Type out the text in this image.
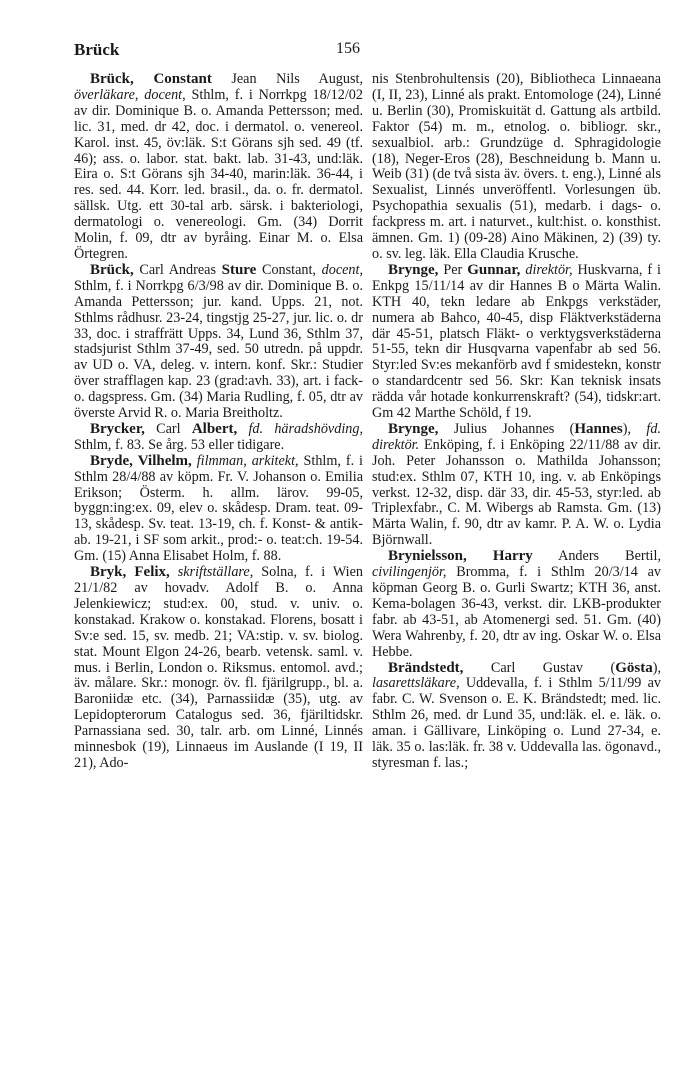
Brück	156

Brück, Constant Jean Nils August, överläkare, docent, Sthlm, f. i Norrkpg 18/12/02 av dir. Dominique B. o. Amanda Pettersson; med. lic. 31, med. dr 42, doc. i dermatol. o. venereol. Karol. inst. 45, öv:läk. S:t Görans sjh sed. 49 (tf. 46); ass. o. labor. stat. bakt. lab. 31-43, und:läk. Eira o. S:t Görans sjh 34-40, marin:läk. 36-44, i res. sed. 44. Korr. led. brasil., da. o. fr. dermatol. sällsk. Utg. ett 30-tal arb. särsk. i bakteriologi, dermatologi o. venereologi. Gm. (34) Dorrit Molin, f. 09, dtr av byråing. Einar M. o. Elsa Örtegren.

Brück, Carl Andreas Sture Constant, docent, Sthlm, f. i Norrkpg 6/3/98 av dir. Dominique B. o. Amanda Pettersson; jur. kand. Upps. 21, not. Sthlms rådhusr. 23-24, tingstjg 25-27, jur. lic. o. dr 33, doc. i straffrätt Upps. 34, Lund 36, Sthlm 37, stadsjurist Sthlm 37-49, sed. 50 utredn. på uppdr. av UD o. VA, deleg. v. intern. konf. Skr.: Studier över strafflagen kap. 23 (grad:avh. 33), art. i fack- o. dagspress. Gm. (34) Maria Rudling, f. 05, dtr av överste Arvid R. o. Maria Breitholtz.

Brycker, Carl Albert, fd. häradshövding, Sthlm, f. 83. Se årg. 53 eller tidigare.

Bryde, Vilhelm, filmman, arkitekt, Sthlm, f. i Sthlm 28/4/88 av köpm. Fr. V. Johanson o. Emilia Erikson; Österm. h. allm. lärov. 99-05, byggn:ing:ex. 09, elev o. skådesp. Dram. teat. 09-13, skådesp. Sv. teat. 13-19, ch. f. Konst- & antik-ab. 19-21, i SF som arkit., prod:- o. teat:ch. 19-54. Gm. (15) Anna Elisabet Holm, f. 88.

Bryk, Felix, skriftställare, Solna, f. i Wien 21/1/82 av hovadv. Adolf B. o. Anna Jelenkiewicz; stud:ex. 00, stud. v. univ. o. konstakad. Krakow o. konstakad. Florens, bosatt i Sv:e sed. 15, sv. medb. 21; VA:stip. v. sv. biolog. stat. Mount Elgon 24-26, bearb. vetensk. saml. v. mus. i Berlin, London o. Riksmus. entomol. avd.; äv. målare. Skr.: monogr. öv. fl. fjärilgrupp., bl. a. Baroniidæ etc. (34), Parnassiidæ (35), utg. av Lepidopterorum Catalogus sed. 36, fjäriltidskr. Parnassiana sed. 30, talr. arb. om Linné, Linnés minnesbok (19), Linnaeus im Auslande (I 19, II 21), Ado-

nis Stenbrohultensis (20), Bibliotheca Linnaeana (I, II, 23), Linné als prakt. Entomologe (24), Linné u. Berlin (30), Promiskuität d. Gattung als artbild. Faktor (54) m. m., etnolog. o. bibliogr. skr., sexualbiol. arb.: Grundzüge d. Sphragidologie (18), Neger-Eros (28), Beschneidung b. Mann u. Weib (31) (de två sista äv. övers. t. eng.), Linné als Sexualist, Linnés unveröffentl. Vorlesungen üb. Psychopathia sexualis (51), medarb. i dags- o. fackpress m. art. i naturvet., kult:hist. o. konsthist. ämnen. Gm. 1) (09-28) Aino Mäkinen, 2) (39) ty. o. sv. leg. läk. Ella Claudia Krusche.

Brynge, Per Gunnar, direktör, Huskvarna, f i Enkpg 15/11/14 av dir Hannes B o Märta Walin. KTH 40, tekn ledare ab Enkpgs verkstäder, numera ab Bahco, 40-45, disp Fläktverkstäderna där 45-51, platsch Fläkt- o verktygsverkstäderna 51-55, tekn dir Husqvarna vapenfabr ab sed 56. Styr:led Sv:es mekanförb avd f smidestekn, konstr o standardcentr sed 56. Skr: Kan teknisk insats rädda vår hotade konkurrenskraft? (54), tidskr:art. Gm 42 Marthe Schöld, f 19.

Brynge, Julius Johannes (Hannes), fd. direktör. Enköping, f. i Enköping 22/11/88 av dir. Joh. Peter Johansson o. Mathilda Johansson; stud:ex. Sthlm 07, KTH 10, ing. v. ab Enköpings verkst. 12-32, disp. där 33, dir. 45-53, styr:led. ab Triplexfabr., C. M. Wibergs ab Ramsta. Gm. (13) Märta Walin, f. 90, dtr av kamr. P. A. W. o. Lydia Björnwall.

Brynielsson, Harry Anders Bertil, civilingenjör, Bromma, f. i Sthlm 20/3/14 av köpman Georg B. o. Gurli Swartz; KTH 36, anst. Kema-bolagen 36-43, verkst. dir. LKB-produkter fabr. ab 43-51, ab Atomenergi sed. 51. Gm. (40) Wera Wahrenby, f. 20, dtr av ing. Oskar W. o. Elsa Hebbe.

Brändstedt, Carl Gustav (Gösta), lasarettsläkare, Uddevalla, f. i Sthlm 5/11/99 av fabr. C. W. Svenson o. E. K. Brändstedt; med. lic. Sthlm 26, med. dr Lund 35, und:läk. el. e. läk. o. aman. i Gällivare, Linköping o. Lund 27-34, e. läk. 35 o. las:läk. fr. 38 v. Uddevalla las. ögonavd., styresman f. las.;
